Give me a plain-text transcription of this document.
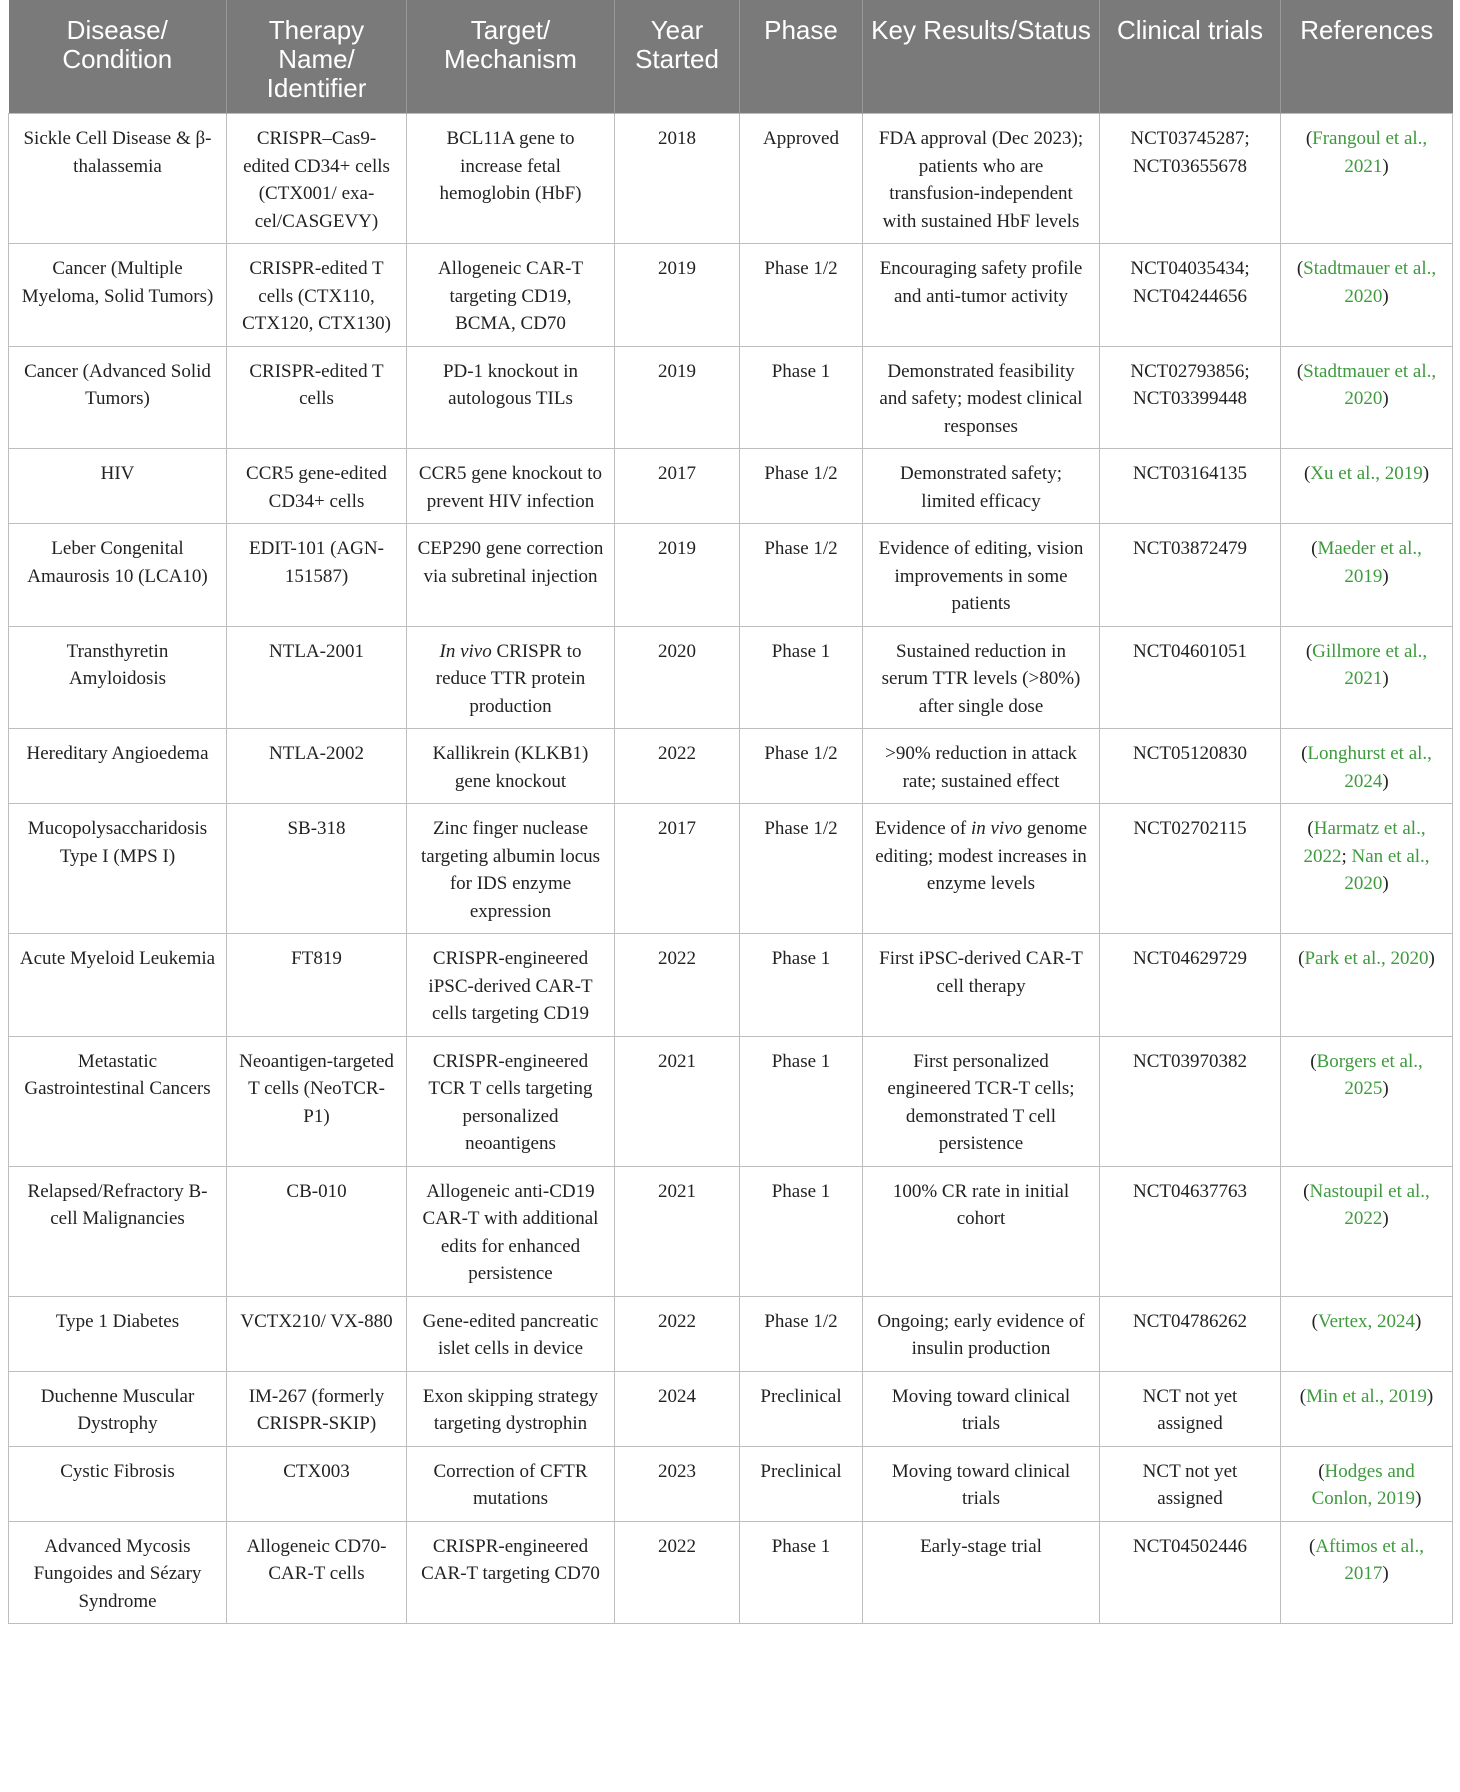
Disease/ Condition	Therapy Name/ Identifier	Target/ Mechanism	Year Started	Phase	Key Results/Status	Clinical trials	References
Sickle Cell Disease & β-thalassemia	CRISPR–Cas9-edited CD34+ cells (CTX001/ exa-cel/CASGEVY)	BCL11A gene to increase fetal hemoglobin (HbF)	2018	Approved	FDA approval (Dec 2023); patients who are transfusion-independent with sustained HbF levels	NCT03745287; NCT03655678	(Frangoul et al., 2021)
Cancer (Multiple Myeloma, Solid Tumors)	CRISPR-edited T cells (CTX110, CTX120, CTX130)	Allogeneic CAR-T targeting CD19, BCMA, CD70	2019	Phase 1/2	Encouraging safety profile and anti-tumor activity	NCT04035434; NCT04244656	(Stadtmauer et al., 2020)
Cancer (Advanced Solid Tumors)	CRISPR-edited T cells	PD-1 knockout in autologous TILs	2019	Phase 1	Demonstrated feasibility and safety; modest clinical responses	NCT02793856; NCT03399448	(Stadtmauer et al., 2020)
HIV	CCR5 gene-edited CD34+ cells	CCR5 gene knockout to prevent HIV infection	2017	Phase 1/2	Demonstrated safety; limited efficacy	NCT03164135	(Xu et al., 2019)
Leber Congenital Amaurosis 10 (LCA10)	EDIT-101 (AGN-151587)	CEP290 gene correction via subretinal injection	2019	Phase 1/2	Evidence of editing, vision improvements in some patients	NCT03872479	(Maeder et al., 2019)
Transthyretin Amyloidosis	NTLA-2001	In vivo CRISPR to reduce TTR protein production	2020	Phase 1	Sustained reduction in serum TTR levels (>80%) after single dose	NCT04601051	(Gillmore et al., 2021)
Hereditary Angioedema	NTLA-2002	Kallikrein (KLKB1) gene knockout	2022	Phase 1/2	>90% reduction in attack rate; sustained effect	NCT05120830	(Longhurst et al., 2024)
Mucopolysaccharidosis Type I (MPS I)	SB-318	Zinc finger nuclease targeting albumin locus for IDS enzyme expression	2017	Phase 1/2	Evidence of in vivo genome editing; modest increases in enzyme levels	NCT02702115	(Harmatz et al., 2022; Nan et al., 2020)
Acute Myeloid Leukemia	FT819	CRISPR-engineered iPSC-derived CAR-T cells targeting CD19	2022	Phase 1	First iPSC-derived CAR-T cell therapy	NCT04629729	(Park et al., 2020)
Metastatic Gastrointestinal Cancers	Neoantigen-targeted T cells (NeoTCR-P1)	CRISPR-engineered TCR T cells targeting personalized neoantigens	2021	Phase 1	First personalized engineered TCR-T cells; demonstrated T cell persistence	NCT03970382	(Borgers et al., 2025)
Relapsed/Refractory B-cell Malignancies	CB-010	Allogeneic anti-CD19 CAR-T with additional edits for enhanced persistence	2021	Phase 1	100% CR rate in initial cohort	NCT04637763	(Nastoupil et al., 2022)
Type 1 Diabetes	VCTX210/ VX-880	Gene-edited pancreatic islet cells in device	2022	Phase 1/2	Ongoing; early evidence of insulin production	NCT04786262	(Vertex, 2024)
Duchenne Muscular Dystrophy	IM-267 (formerly CRISPR-SKIP)	Exon skipping strategy targeting dystrophin	2024	Preclinical	Moving toward clinical trials	NCT not yet assigned	(Min et al., 2019)
Cystic Fibrosis	CTX003	Correction of CFTR mutations	2023	Preclinical	Moving toward clinical trials	NCT not yet assigned	(Hodges and Conlon, 2019)
Advanced Mycosis Fungoides and Sézary Syndrome	Allogeneic CD70-CAR-T cells	CRISPR-engineered CAR-T targeting CD70	2022	Phase 1	Early-stage trial	NCT04502446	(Aftimos et al., 2017)
